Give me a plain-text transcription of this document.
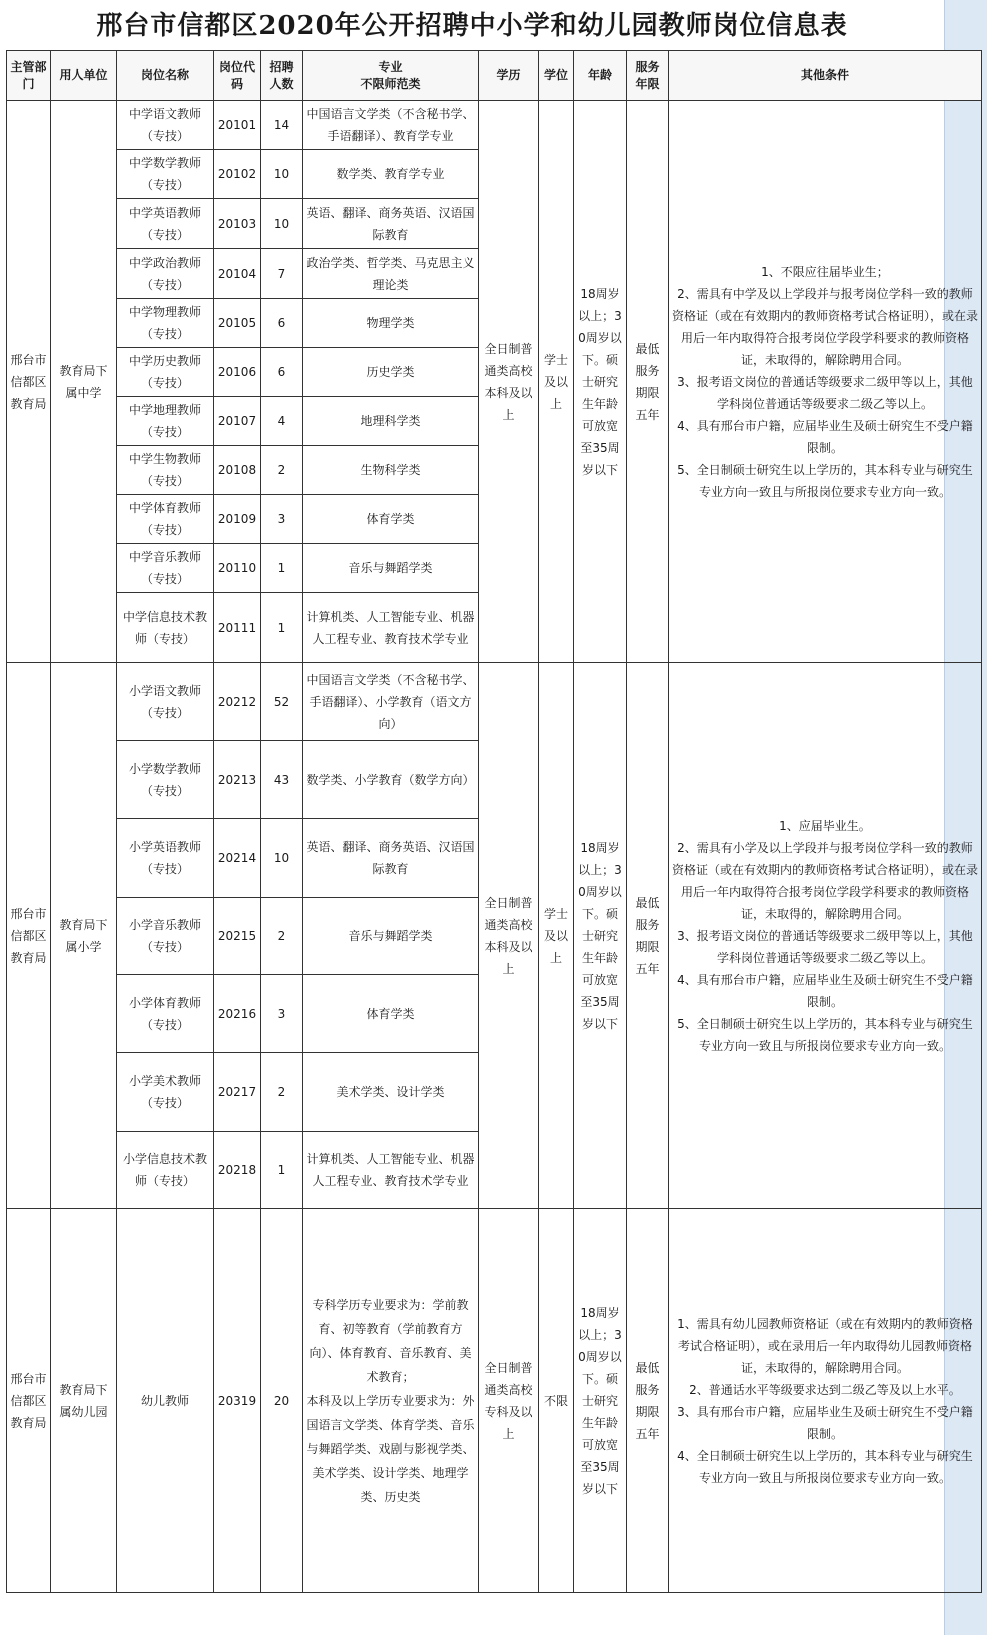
邢台市信都区2020年公开招聘中小学和幼儿园教师岗位信息表
主管部门	用人单位	岗位名称	岗位代码	招聘人数	专业
不限师范类	学历	学位	年龄	服务年限	其他条件
邢台市信都区教育局	教育局下属中学	中学语文教师（专技）	20101	14	中国语言文学类（不含秘书学、手语翻译）、教育学专业	全日制普通类高校本科及以上	学士及以上	18周岁以上；30周岁以下。硕士研究生年龄可放宽至35周岁以下	最低服务期限五年	1、不限应往届毕业生；
2、需具有中学及以上学段并与报考岗位学科一致的教师资格证（或在有效期内的教师资格考试合格证明），或在录用后一年内取得符合报考岗位学段学科要求的教师资格证，未取得的，解除聘用合同。
3、报考语文岗位的普通话等级要求二级甲等以上，其他学科岗位普通话等级要求二级乙等以上。
4、具有邢台市户籍，应届毕业生及硕士研究生不受户籍限制。
5、全日制硕士研究生以上学历的，其本科专业与研究生专业方向一致且与所报岗位要求专业方向一致。
		中学数学教师（专技）	20102	10	数学类、教育学专业					
		中学英语教师（专技）	20103	10	英语、翻译、商务英语、汉语国际教育					
		中学政治教师（专技）	20104	7	政治学类、哲学类、马克思主义理论类					
		中学物理教师（专技）	20105	6	物理学类					
		中学历史教师（专技）	20106	6	历史学类					
		中学地理教师（专技）	20107	4	地理科学类					
		中学生物教师（专技）	20108	2	生物科学类					
		中学体育教师（专技）	20109	3	体育学类					
		中学音乐教师（专技）	20110	1	音乐与舞蹈学类					
		中学信息技术教师（专技）	20111	1	计算机类、人工智能专业、机器人工程专业、教育技术学专业					
邢台市信都区教育局	教育局下属小学	小学语文教师（专技）	20212	52	中国语言文学类（不含秘书学、手语翻译）、小学教育（语文方向）	全日制普通类高校本科及以上	学士及以上	18周岁以上；30周岁以下。硕士研究生年龄可放宽至35周岁以下	最低服务期限五年	1、应届毕业生。
2、需具有小学及以上学段并与报考岗位学科一致的教师资格证（或在有效期内的教师资格考试合格证明），或在录用后一年内取得符合报考岗位学段学科要求的教师资格证，未取得的，解除聘用合同。
3、报考语文岗位的普通话等级要求二级甲等以上，其他学科岗位普通话等级要求二级乙等以上。
4、具有邢台市户籍，应届毕业生及硕士研究生不受户籍限制。
5、全日制硕士研究生以上学历的，其本科专业与研究生专业方向一致且与所报岗位要求专业方向一致。
		小学数学教师（专技）	20213	43	数学类、小学教育（数学方向）					
		小学英语教师（专技）	20214	10	英语、翻译、商务英语、汉语国际教育					
		小学音乐教师（专技）	20215	2	音乐与舞蹈学类					
		小学体育教师（专技）	20216	3	体育学类					
		小学美术教师（专技）	20217	2	美术学类、设计学类					
		小学信息技术教师（专技）	20218	1	计算机类、人工智能专业、机器人工程专业、教育技术学专业					
邢台市信都区教育局	教育局下属幼儿园	幼儿教师	20319	20	专科学历专业要求为：学前教育、初等教育（学前教育方向）、体育教育、音乐教育、美术教育；
本科及以上学历专业要求为：外国语言文学类、体育学类、音乐与舞蹈学类、戏剧与影视学类、美术学类、设计学类、地理学类、历史类	全日制普通类高校专科及以上	不限	18周岁以上；30周岁以下。硕士研究生年龄可放宽至35周岁以下	最低服务期限五年	1、需具有幼儿园教师资格证（或在有效期内的教师资格考试合格证明），或在录用后一年内取得幼儿园教师资格证，未取得的，解除聘用合同。
2、普通话水平等级要求达到二级乙等及以上水平。
3、具有邢台市户籍，应届毕业生及硕士研究生不受户籍限制。
4、全日制硕士研究生以上学历的，其本科专业与研究生专业方向一致且与所报岗位要求专业方向一致。
